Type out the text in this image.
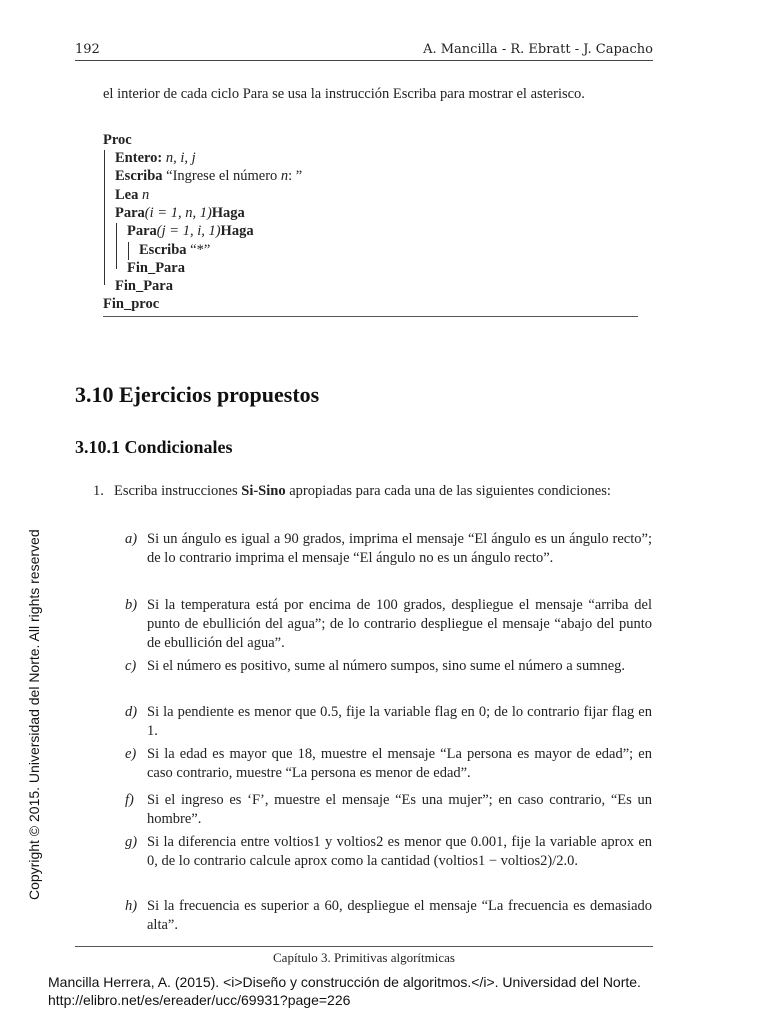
192	A. Mancilla - R. Ebratt - J. Capacho
el interior de cada ciclo Para se usa la instrucción Escriba para mostrar el asterisco.
Proc
Entero: n, i, j
Escriba “Ingrese el número n: ”
Lea n
Para(i = 1, n, 1)Haga
Para(j = 1, i, 1)Haga
Escriba “*”
Fin_Para
Fin_Para
Fin_proc
3.10 Ejercicios propuestos
3.10.1 Condicionales
1. Escriba instrucciones Si-Sino apropiadas para cada una de las siguientes condiciones:
a) Si un ángulo es igual a 90 grados, imprima el mensaje “El ángulo es un ángulo recto”; de lo contrario imprima el mensaje “El ángulo no es un ángulo recto”.
b) Si la temperatura está por encima de 100 grados, despliegue el mensaje “arriba del punto de ebullición del agua”; de lo contrario despliegue el mensaje “abajo del punto de ebullición del agua”.
c) Si el número es positivo, sume al número sumpos, sino sume el número a sumneg.
d) Si la pendiente es menor que 0.5, fije la variable flag en 0; de lo contrario fijar flag en 1.
e) Si la edad es mayor que 18, muestre el mensaje “La persona es mayor de edad”; en caso contrario, muestre “La persona es menor de edad”.
f) Si el ingreso es ‘F’, muestre el mensaje “Es una mujer”; en caso contrario, “Es un hombre”.
g) Si la diferencia entre voltios1 y voltios2 es menor que 0.001, fije la variable aprox en 0, de lo contrario calcule aprox como la cantidad (voltios1 − voltios2)/2.0.
h) Si la frecuencia es superior a 60, despliegue el mensaje “La frecuencia es demasiado alta”.
Capítulo 3. Primitivas algorítmicas
Mancilla Herrera, A. (2015). <i>Diseño y construcción de algoritmos.</i>. Universidad del Norte. http://elibro.net/es/ereader/ucc/69931?page=226
Copyright © 2015. Universidad del Norte. All rights reserved
